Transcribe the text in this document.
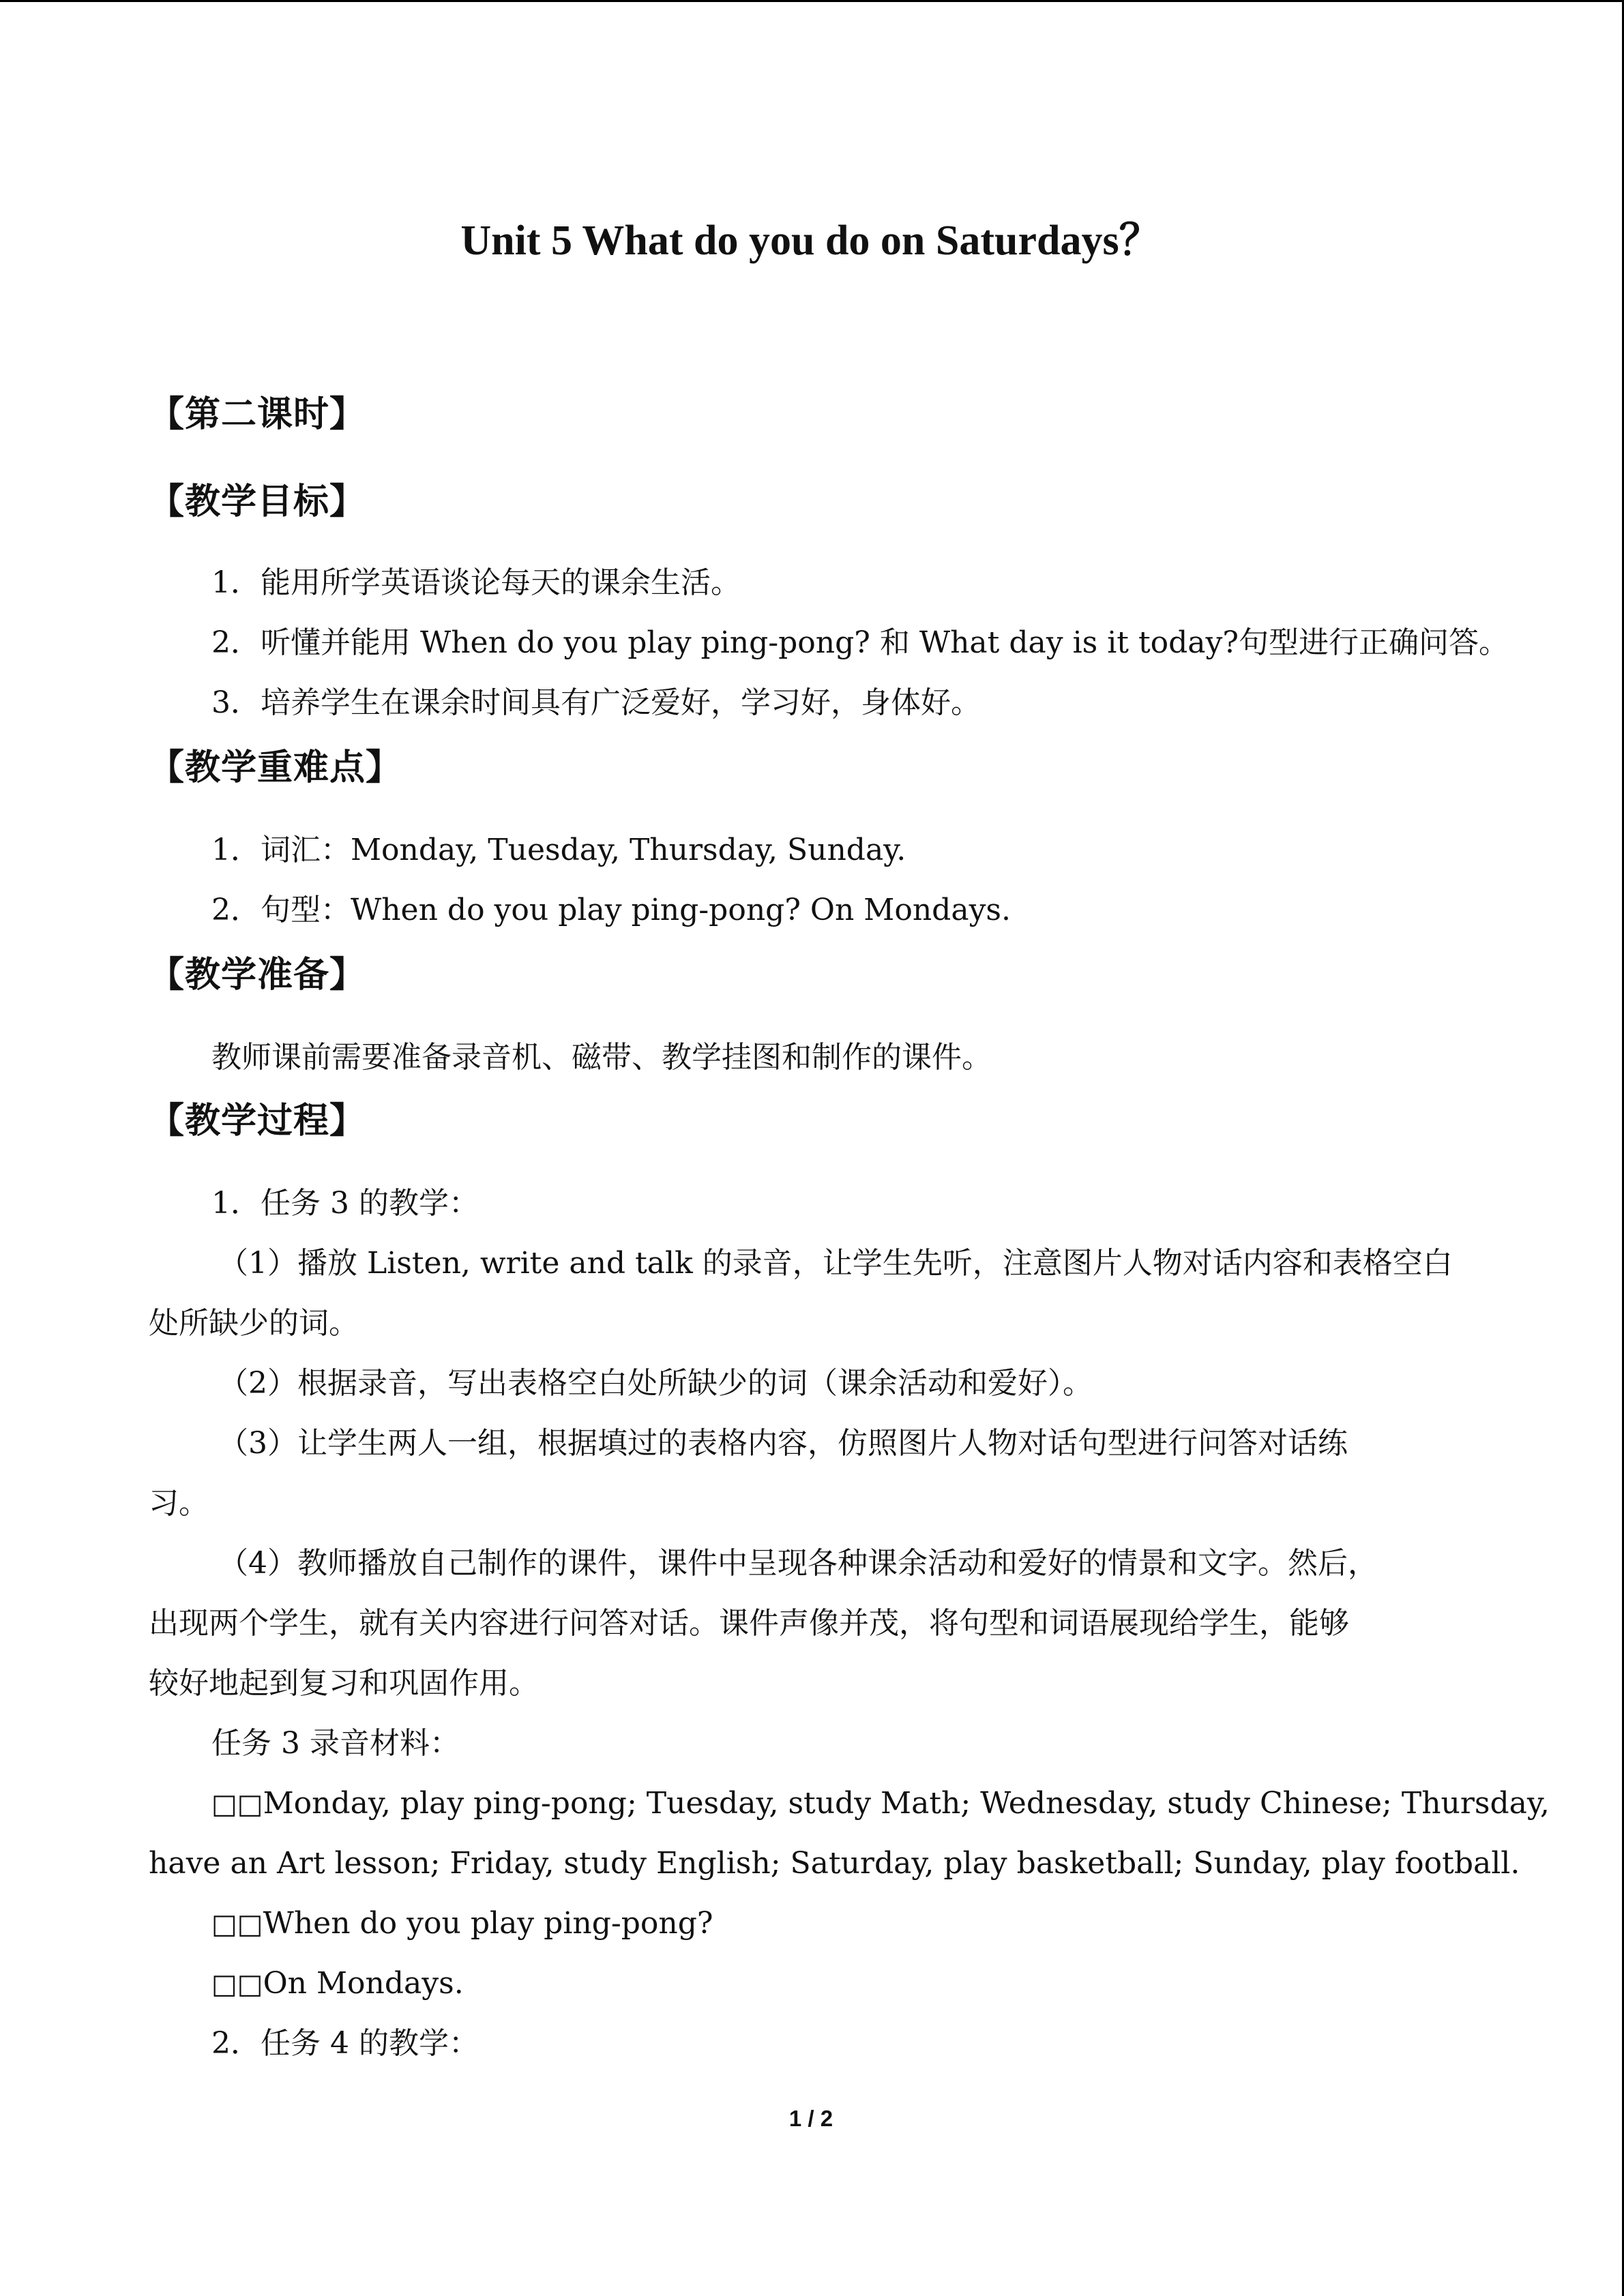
Unit 5 What do you do on Saturdays？
【第二课时】
【教学目标】
1．能用所学英语谈论每天的课余生活。
2．听懂并能用 When do you play ping-pong? 和 What day is it today?句型进行正确问答。
3．培养学生在课余时间具有广泛爱好，学习好，身体好。
【教学重难点】
1．词汇：Monday, Tuesday, Thursday, Sunday.
2．句型：When do you play ping-pong? On Mondays.
【教学准备】
教师课前需要准备录音机、磁带、教学挂图和制作的课件。
【教学过程】
1．任务 3 的教学：
（1）播放 Listen, write and talk 的录音，让学生先听，注意图片人物对话内容和表格空白
处所缺少的词。
（2）根据录音，写出表格空白处所缺少的词（课余活动和爱好）。
（3）让学生两人一组，根据填过的表格内容，仿照图片人物对话句型进行问答对话练
习。
（4）教师播放自己制作的课件，课件中呈现各种课余活动和爱好的情景和文字。然后，
出现两个学生，就有关内容进行问答对话。课件声像并茂，将句型和词语展现给学生，能够
较好地起到复习和巩固作用。
任务 3 录音材料：
□□Monday, play ping-pong; Tuesday, study Math; Wednesday, study Chinese; Thursday,
have an Art lesson; Friday, study English; Saturday, play basketball; Sunday, play football.
□□When do you play ping-pong?
□□On Mondays.
2．任务 4 的教学：
1 / 2
